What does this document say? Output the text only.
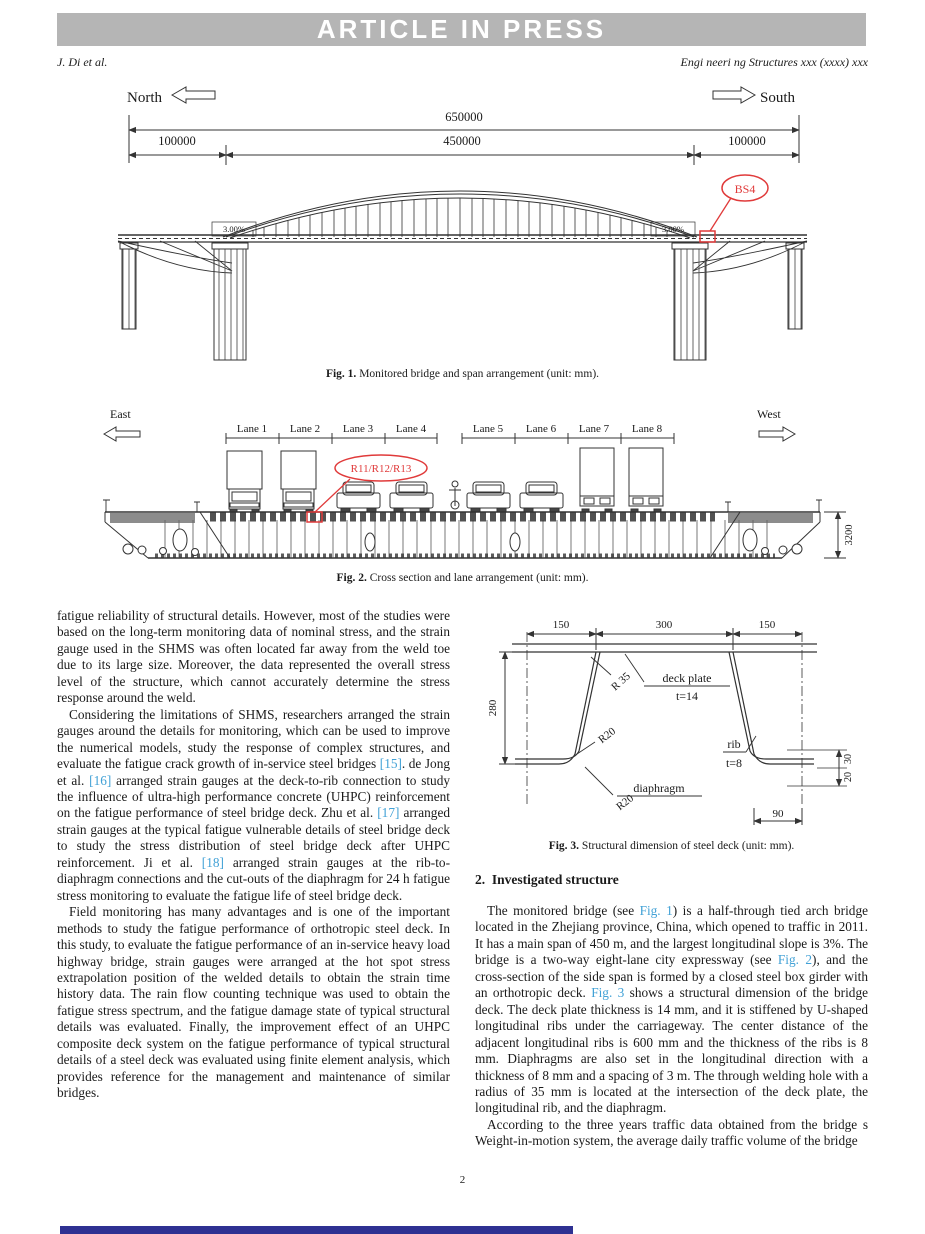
ARTICLE IN PRESS
J. Di et al.	Engi neeri ng Structures xxx (xxxx) xxx
North	South
650000
100000	450000	100000
3.00%	3.00%
BS4
Fig. 1. Monitored bridge and span arrangement (unit: mm).
East	West
Lane 1 Lane 2 Lane 3 Lane 4	Lane 5 Lane 6 Lane 7 Lane 8
R11/R12/R13
3200
Fig. 2. Cross section and lane arrangement (unit: mm).

fatigue reliability of structural details. However, most of the studies were based on the long-term monitoring data of nominal stress, and the strain gauge used in the SHMS was often located far away from the weld toe due to its large size. Moreover, the data represented the overall stress level of the structure, which cannot accurately determine the stress response around the weld.

Considering the limitations of SHMS, researchers arranged the strain gauges around the details for monitoring, which can be used to improve the numerical models, study the response of complex structures, and evaluate the fatigue crack growth of in-service steel bridges [15]. de Jong et al. [16] arranged strain gauges at the deck-to-rib connection to study the influence of ultra-high performance concrete (UHPC) reinforcement on the fatigue performance of steel bridge deck. Zhu et al. [17] arranged strain gauges at the typical fatigue vulnerable details of steel bridge deck to study the stress distribution of steel bridge deck after UHPC reinforcement. Ji et al. [18] arranged strain gauges at the rib-to-diaphragm connections and the cut-outs of the diaphragm for 24 h fatigue stress monitoring to evaluate the fatigue life of steel bridge deck.

Field monitoring has many advantages and is one of the important methods to study the fatigue performance of orthotropic steel deck. In this study, to evaluate the fatigue performance of an in-service heavy load highway bridge, strain gauges were arranged at the hot spot stress extrapolation position of the welded details to obtain the strain time history data. The rain flow counting technique was used to obtain the fatigue stress spectrum, and the fatigue damage state of typical structural details was evaluated. Finally, the improvement effect of an UHPC composite deck system on the fatigue performance of typical structural details of a steel deck was evaluated using finite element analysis, which provides reference for the management and maintenance of similar bridges.

150	300	150
280
R 35 deck plate
t=14
rib
t=8
R20
R20
diaphragm
90
30
20
Fig. 3. Structural dimension of steel deck (unit: mm).
2.  Investigated structure

The monitored bridge (see Fig. 1) is a half-through tied arch bridge located in the Zhejiang province, China, which opened to traffic in 2011. It has a main span of 450 m, and the largest longitudinal slope is 3%. The bridge is a two-way eight-lane city expressway (see Fig. 2), and the cross-section of the side span is formed by a closed steel box girder with an orthotropic deck. Fig. 3 shows a structural dimension of the bridge deck. The deck plate thickness is 14 mm, and it is stiffened by U-shaped longitudinal ribs under the carriageway. The center distance of the adjacent longitudinal ribs is 600 mm and the thickness of the ribs is 8 mm. Diaphragms are also set in the longitudinal direction with a thickness of 8 mm and a spacing of 3 m. The through welding hole with a radius of 35 mm is located at the intersection of the deck plate, the longitudinal rib, and the diaphragm.

According to the three years traffic data obtained from the bridge s Weight-in-motion system, the average daily traffic volume of the bridge

2
